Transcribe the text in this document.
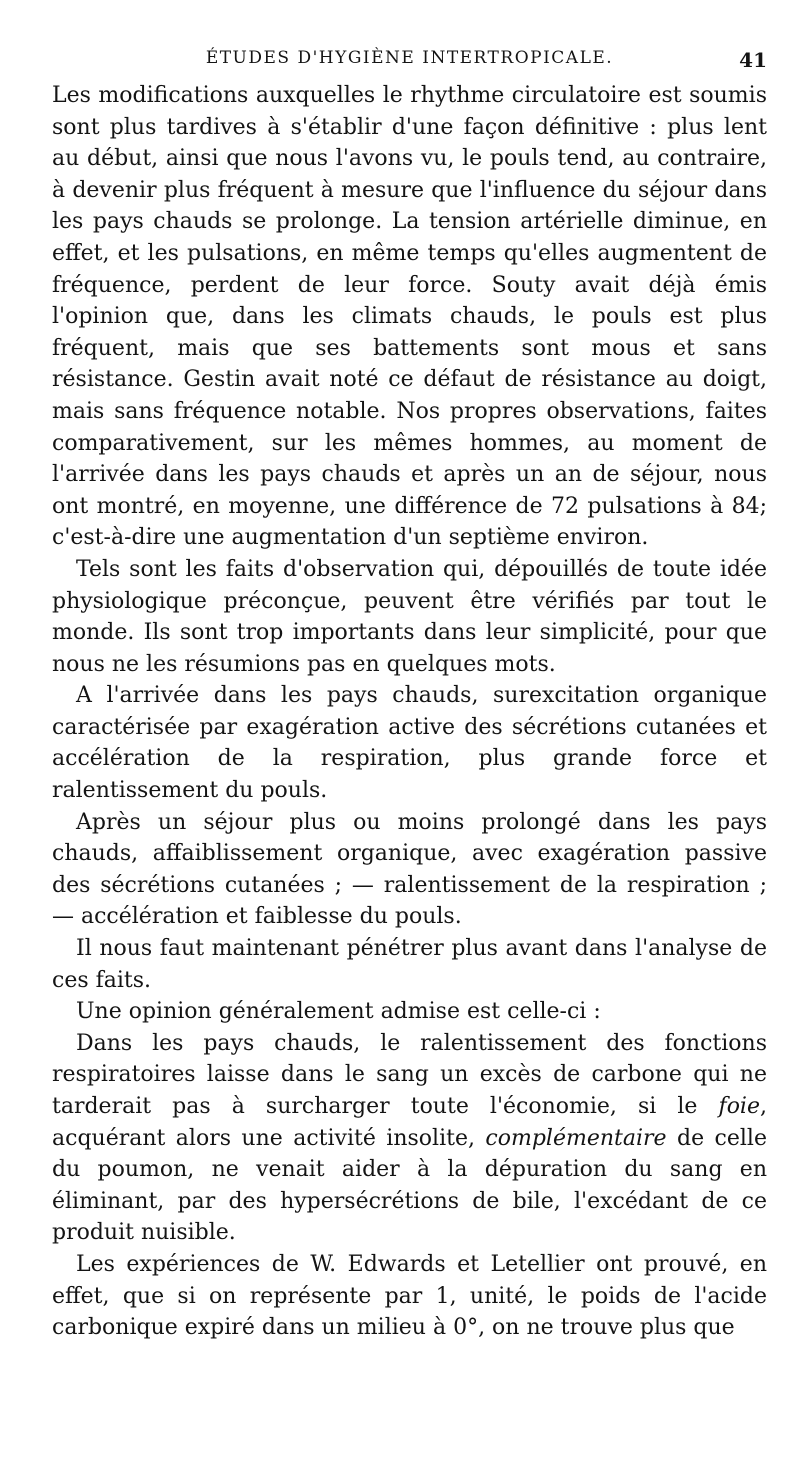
ÉTUDES D'HYGIÈNE INTERTROPICALE.	41

Les modifications auxquelles le rhythme circulatoire est soumis sont plus tardives à s'établir d'une façon définitive : plus lent au début, ainsi que nous l'avons vu, le pouls tend, au contraire, à devenir plus fréquent à mesure que l'influence du séjour dans les pays chauds se prolonge. La tension artérielle diminue, en effet, et les pulsations, en même temps qu'elles augmentent de fréquence, perdent de leur force. Souty avait déjà émis l'opinion que, dans les climats chauds, le pouls est plus fréquent, mais que ses battements sont mous et sans résistance. Gestin avait noté ce défaut de résistance au doigt, mais sans fréquence notable. Nos propres observations, faites comparativement, sur les mêmes hommes, au moment de l'arrivée dans les pays chauds et après un an de séjour, nous ont montré, en moyenne, une différence de 72 pulsations à 84; c'est-à-dire une augmentation d'un septième environ.

Tels sont les faits d'observation qui, dépouillés de toute idée physiologique préconçue, peuvent être vérifiés par tout le monde. Ils sont trop importants dans leur simplicité, pour que nous ne les résumions pas en quelques mots.

A l'arrivée dans les pays chauds, surexcitation organique caractérisée par exagération active des sécrétions cutanées et accélération de la respiration, plus grande force et ralentissement du pouls.

Après un séjour plus ou moins prolongé dans les pays chauds, affaiblissement organique, avec exagération passive des sécrétions cutanées ; — ralentissement de la respiration ; — accélération et faiblesse du pouls.

Il nous faut maintenant pénétrer plus avant dans l'analyse de ces faits.

Une opinion généralement admise est celle-ci :

Dans les pays chauds, le ralentissement des fonctions respiratoires laisse dans le sang un excès de carbone qui ne tarderait pas à surcharger toute l'économie, si le foie, acquérant alors une activité insolite, complémentaire de celle du poumon, ne venait aider à la dépuration du sang en éliminant, par des hypersécrétions de bile, l'excédant de ce produit nuisible.

Les expériences de W. Edwards et Letellier ont prouvé, en effet, que si on représente par 1, unité, le poids de l'acide carbonique expiré dans un milieu à 0°, on ne trouve plus que
